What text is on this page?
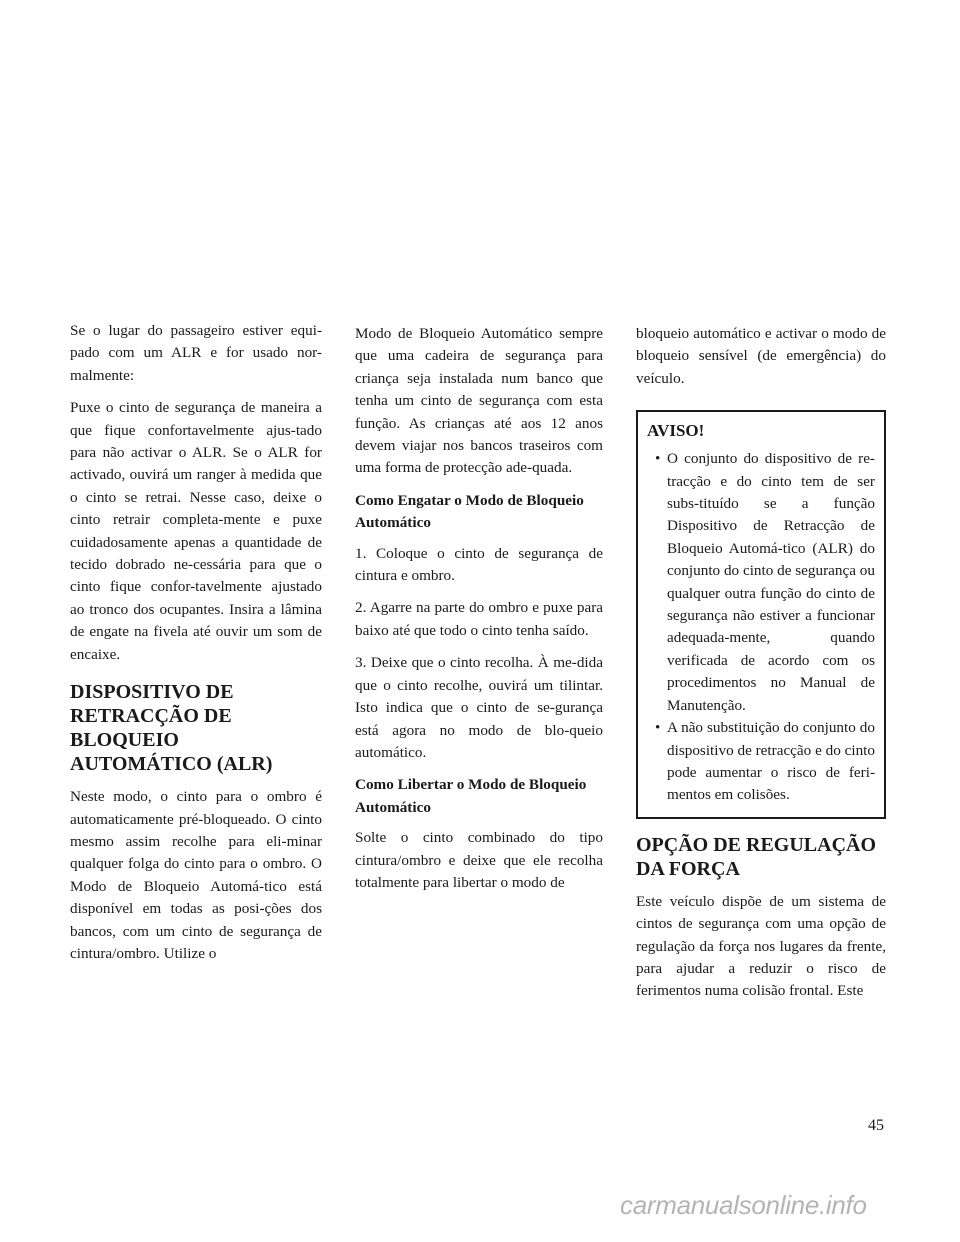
Se o lugar do passageiro estiver equi-pado com um ALR e for usado nor-malmente:

Puxe o cinto de segurança de maneira a que fique confortavelmente ajus-tado para não activar o ALR. Se o ALR for activado, ouvirá um ranger à medida que o cinto se retrai. Nesse caso, deixe o cinto retrair completa-mente e puxe cuidadosamente apenas a quantidade de tecido dobrado ne-cessária para que o cinto fique confor-tavelmente ajustado ao tronco dos ocupantes. Insira a lâmina de engate na fivela até ouvir um som de encaixe.

DISPOSITIVO DE RETRACÇÃO DE BLOQUEIO AUTOMÁTICO (ALR)

Neste modo, o cinto para o ombro é automaticamente pré-bloqueado. O cinto mesmo assim recolhe para eli-minar qualquer folga do cinto para o ombro. O Modo de Bloqueio Automá-tico está disponível em todas as posi-ções dos bancos, com um cinto de segurança de cintura/ombro. Utilize o

Modo de Bloqueio Automático sempre que uma cadeira de segurança para criança seja instalada num banco que tenha um cinto de segurança com esta função. As crianças até aos 12 anos devem viajar nos bancos traseiros com uma forma de protecção ade-quada.

Como Engatar o Modo de Bloqueio Automático

1. Coloque o cinto de segurança de cintura e ombro.

2. Agarre na parte do ombro e puxe para baixo até que todo o cinto tenha saído.

3. Deixe que o cinto recolha. À me-dida que o cinto recolhe, ouvirá um tilintar. Isto indica que o cinto de se-gurança está agora no modo de blo-queio automático.

Como Libertar o Modo de Bloqueio Automático

Solte o cinto combinado do tipo cintura/ombro e deixe que ele recolha totalmente para libertar o modo de

bloqueio automático e activar o modo de bloqueio sensível (de emergência) do veículo.

AVISO!
• O conjunto do dispositivo de re-tracção e do cinto tem de ser subs-tituído se a função Dispositivo de Retracção de Bloqueio Automá-tico (ALR) do conjunto do cinto de segurança ou qualquer outra função do cinto de segurança não estiver a funcionar adequada-mente, quando verificada de acordo com os procedimentos no Manual de Manutenção.
• A não substituição do conjunto do dispositivo de retracção e do cinto pode aumentar o risco de feri-mentos em colisões.
OPÇÃO DE REGULAÇÃO DA FORÇA

Este veículo dispõe de um sistema de cintos de segurança com uma opção de regulação da força nos lugares da frente, para ajudar a reduzir o risco de ferimentos numa colisão frontal. Este

45
carmanualsonline.info
